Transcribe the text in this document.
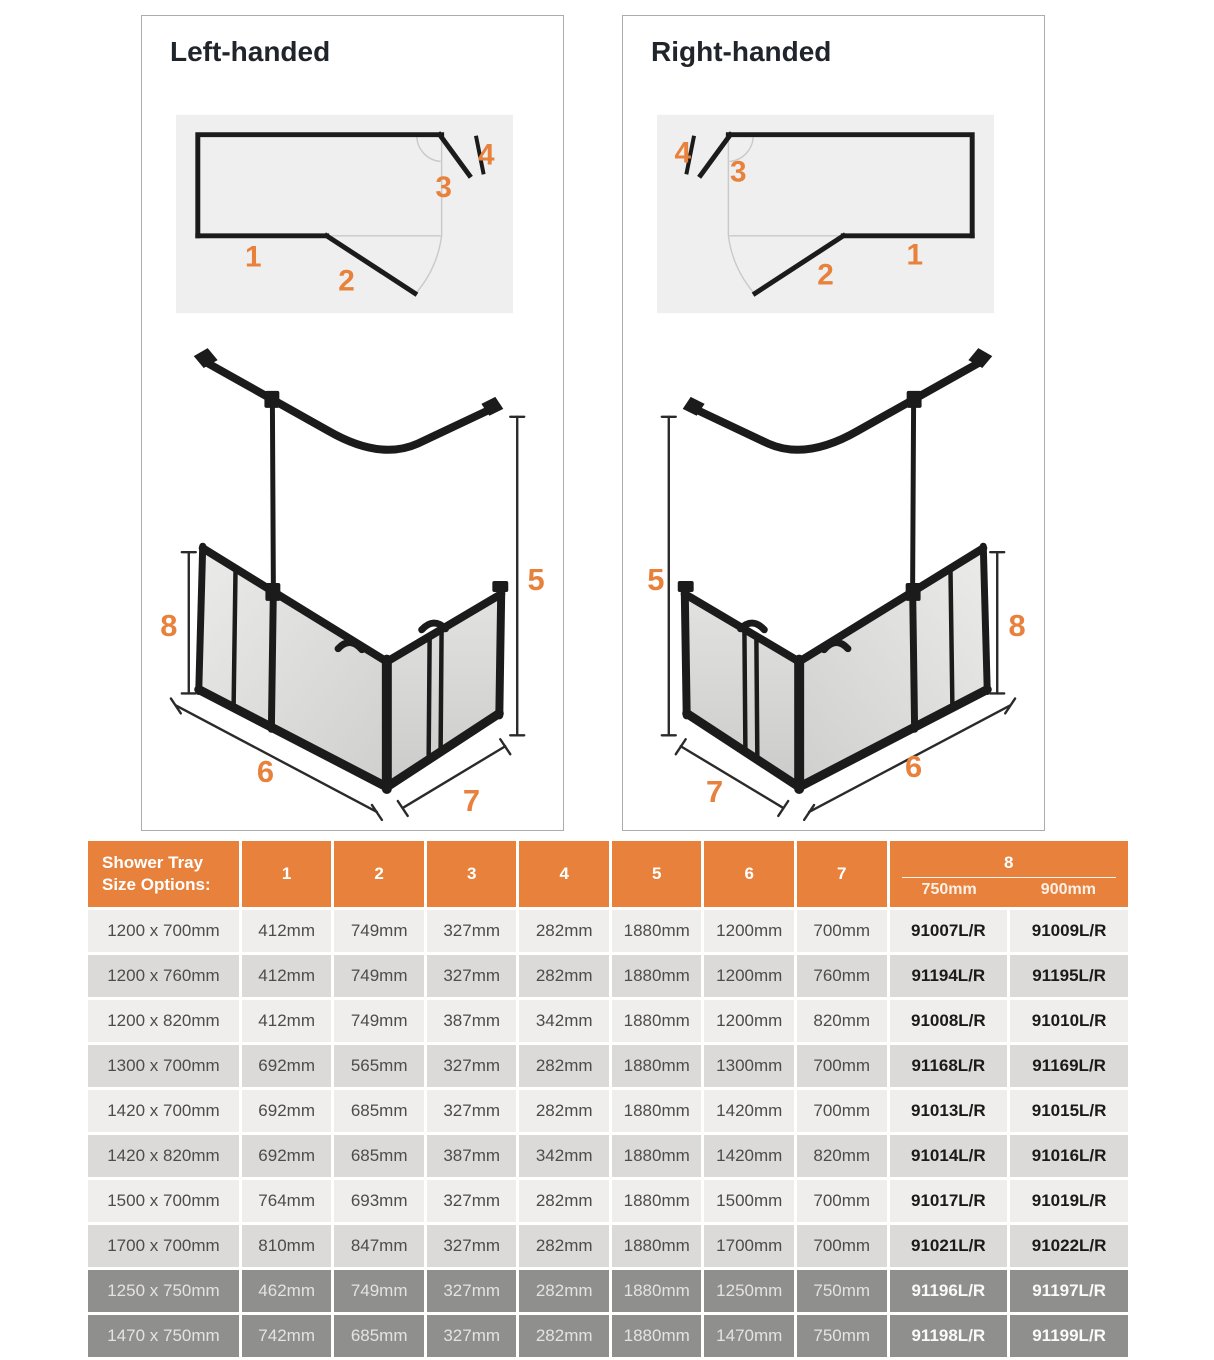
Left-handed
1
2
3
4
5
8
6
7
Right-handed
1
2
3
4
5
8
6
7
Shower Tray Size Options:	1	2	3	4	5	6	7	8
750mm 900mm	

1200 x 700mm	412mm	749mm	327mm	282mm	1880mm	1200mm	700mm	91007L/R	91009L/R
1200 x 760mm	412mm	749mm	327mm	282mm	1880mm	1200mm	760mm	91194L/R	91195L/R
1200 x 820mm	412mm	749mm	387mm	342mm	1880mm	1200mm	820mm	91008L/R	91010L/R
1300 x 700mm	692mm	565mm	327mm	282mm	1880mm	1300mm	700mm	91168L/R	91169L/R
1420 x 700mm	692mm	685mm	327mm	282mm	1880mm	1420mm	700mm	91013L/R	91015L/R
1420 x 820mm	692mm	685mm	387mm	342mm	1880mm	1420mm	820mm	91014L/R	91016L/R
1500 x 700mm	764mm	693mm	327mm	282mm	1880mm	1500mm	700mm	91017L/R	91019L/R
1700 x 700mm	810mm	847mm	327mm	282mm	1880mm	1700mm	700mm	91021L/R	91022L/R
1250 x 750mm	462mm	749mm	327mm	282mm	1880mm	1250mm	750mm	91196L/R	91197L/R
1470 x 750mm	742mm	685mm	327mm	282mm	1880mm	1470mm	750mm	91198L/R	91199L/R
